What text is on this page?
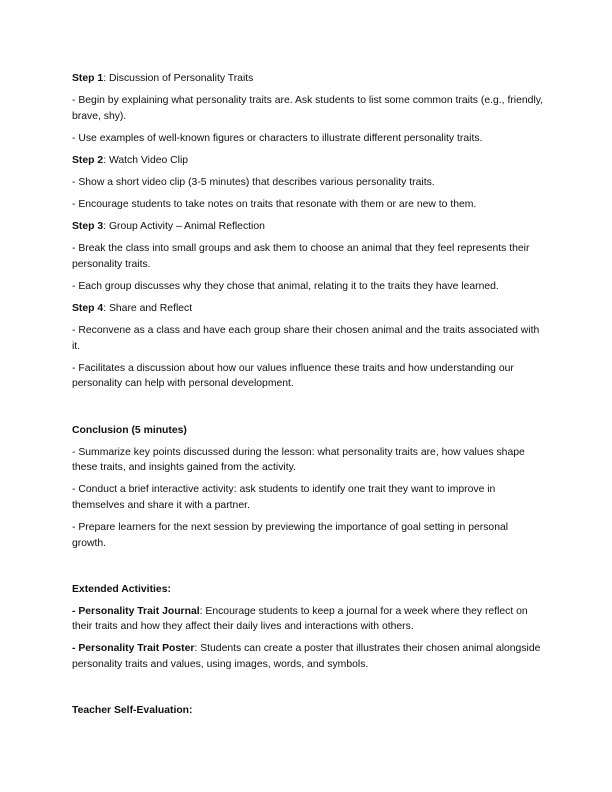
Step 1: Discussion of Personality Traits
- Begin by explaining what personality traits are. Ask students to list some common traits (e.g., friendly, brave, shy).
- Use examples of well-known figures or characters to illustrate different personality traits.
Step 2: Watch Video Clip
- Show a short video clip (3-5 minutes) that describes various personality traits.
- Encourage students to take notes on traits that resonate with them or are new to them.
Step 3: Group Activity – Animal Reflection
- Break the class into small groups and ask them to choose an animal that they feel represents their personality traits.
- Each group discusses why they chose that animal, relating it to the traits they have learned.
Step 4: Share and Reflect
- Reconvene as a class and have each group share their chosen animal and the traits associated with it.
- Facilitates a discussion about how our values influence these traits and how understanding our personality can help with personal development.
Conclusion (5 minutes)
- Summarize key points discussed during the lesson: what personality traits are, how values shape these traits, and insights gained from the activity.
- Conduct a brief interactive activity: ask students to identify one trait they want to improve in themselves and share it with a partner.
- Prepare learners for the next session by previewing the importance of goal setting in personal growth.
Extended Activities:
- Personality Trait Journal: Encourage students to keep a journal for a week where they reflect on their traits and how they affect their daily lives and interactions with others.
- Personality Trait Poster: Students can create a poster that illustrates their chosen animal alongside personality traits and values, using images, words, and symbols.
Teacher Self-Evaluation:
